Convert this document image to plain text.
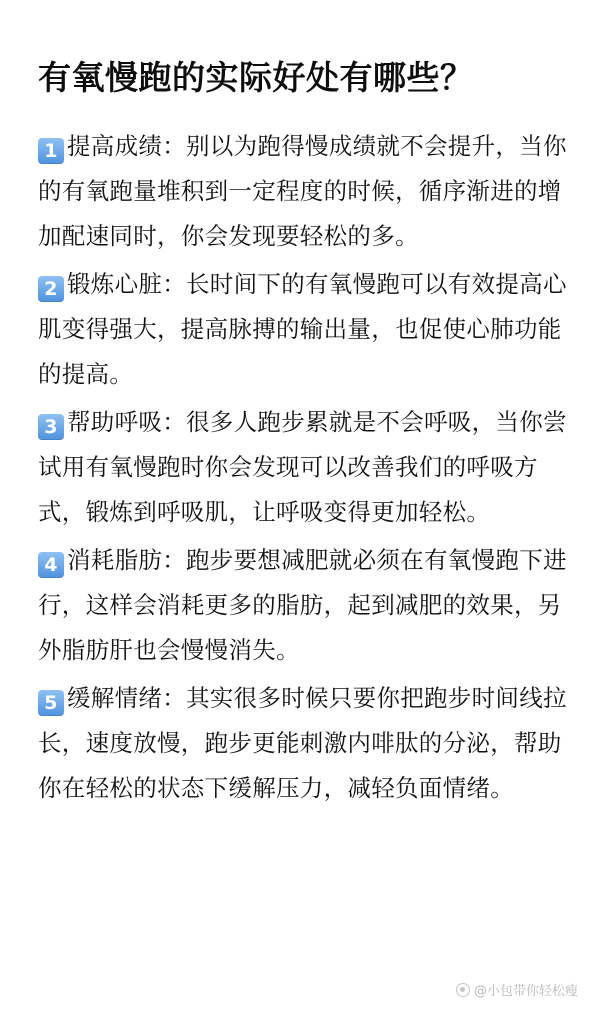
有氧慢跑的实际好处有哪些？
1 提高成绩：别以为跑得慢成绩就不会提升，当你的有氧跑量堆积到一定程度的时候，循序渐进的增加配速同时，你会发现要轻松的多。
2 锻炼心脏：长时间下的有氧慢跑可以有效提高心肌变得强大，提高脉搏的输出量，也促使心肺功能的提高。
3 帮助呼吸：很多人跑步累就是不会呼吸，当你尝试用有氧慢跑时你会发现可以改善我们的呼吸方式，锻炼到呼吸肌，让呼吸变得更加轻松。
4 消耗脂肪：跑步要想减肥就必须在有氧慢跑下进行，这样会消耗更多的脂肪，起到减肥的效果，另外脂肪肝也会慢慢消失。
5 缓解情绪：其实很多时候只要你把跑步时间线拉长，速度放慢，跑步更能刺激内啡肽的分泌，帮助你在轻松的状态下缓解压力，减轻负面情绪。
@小包带你轻松瘦
